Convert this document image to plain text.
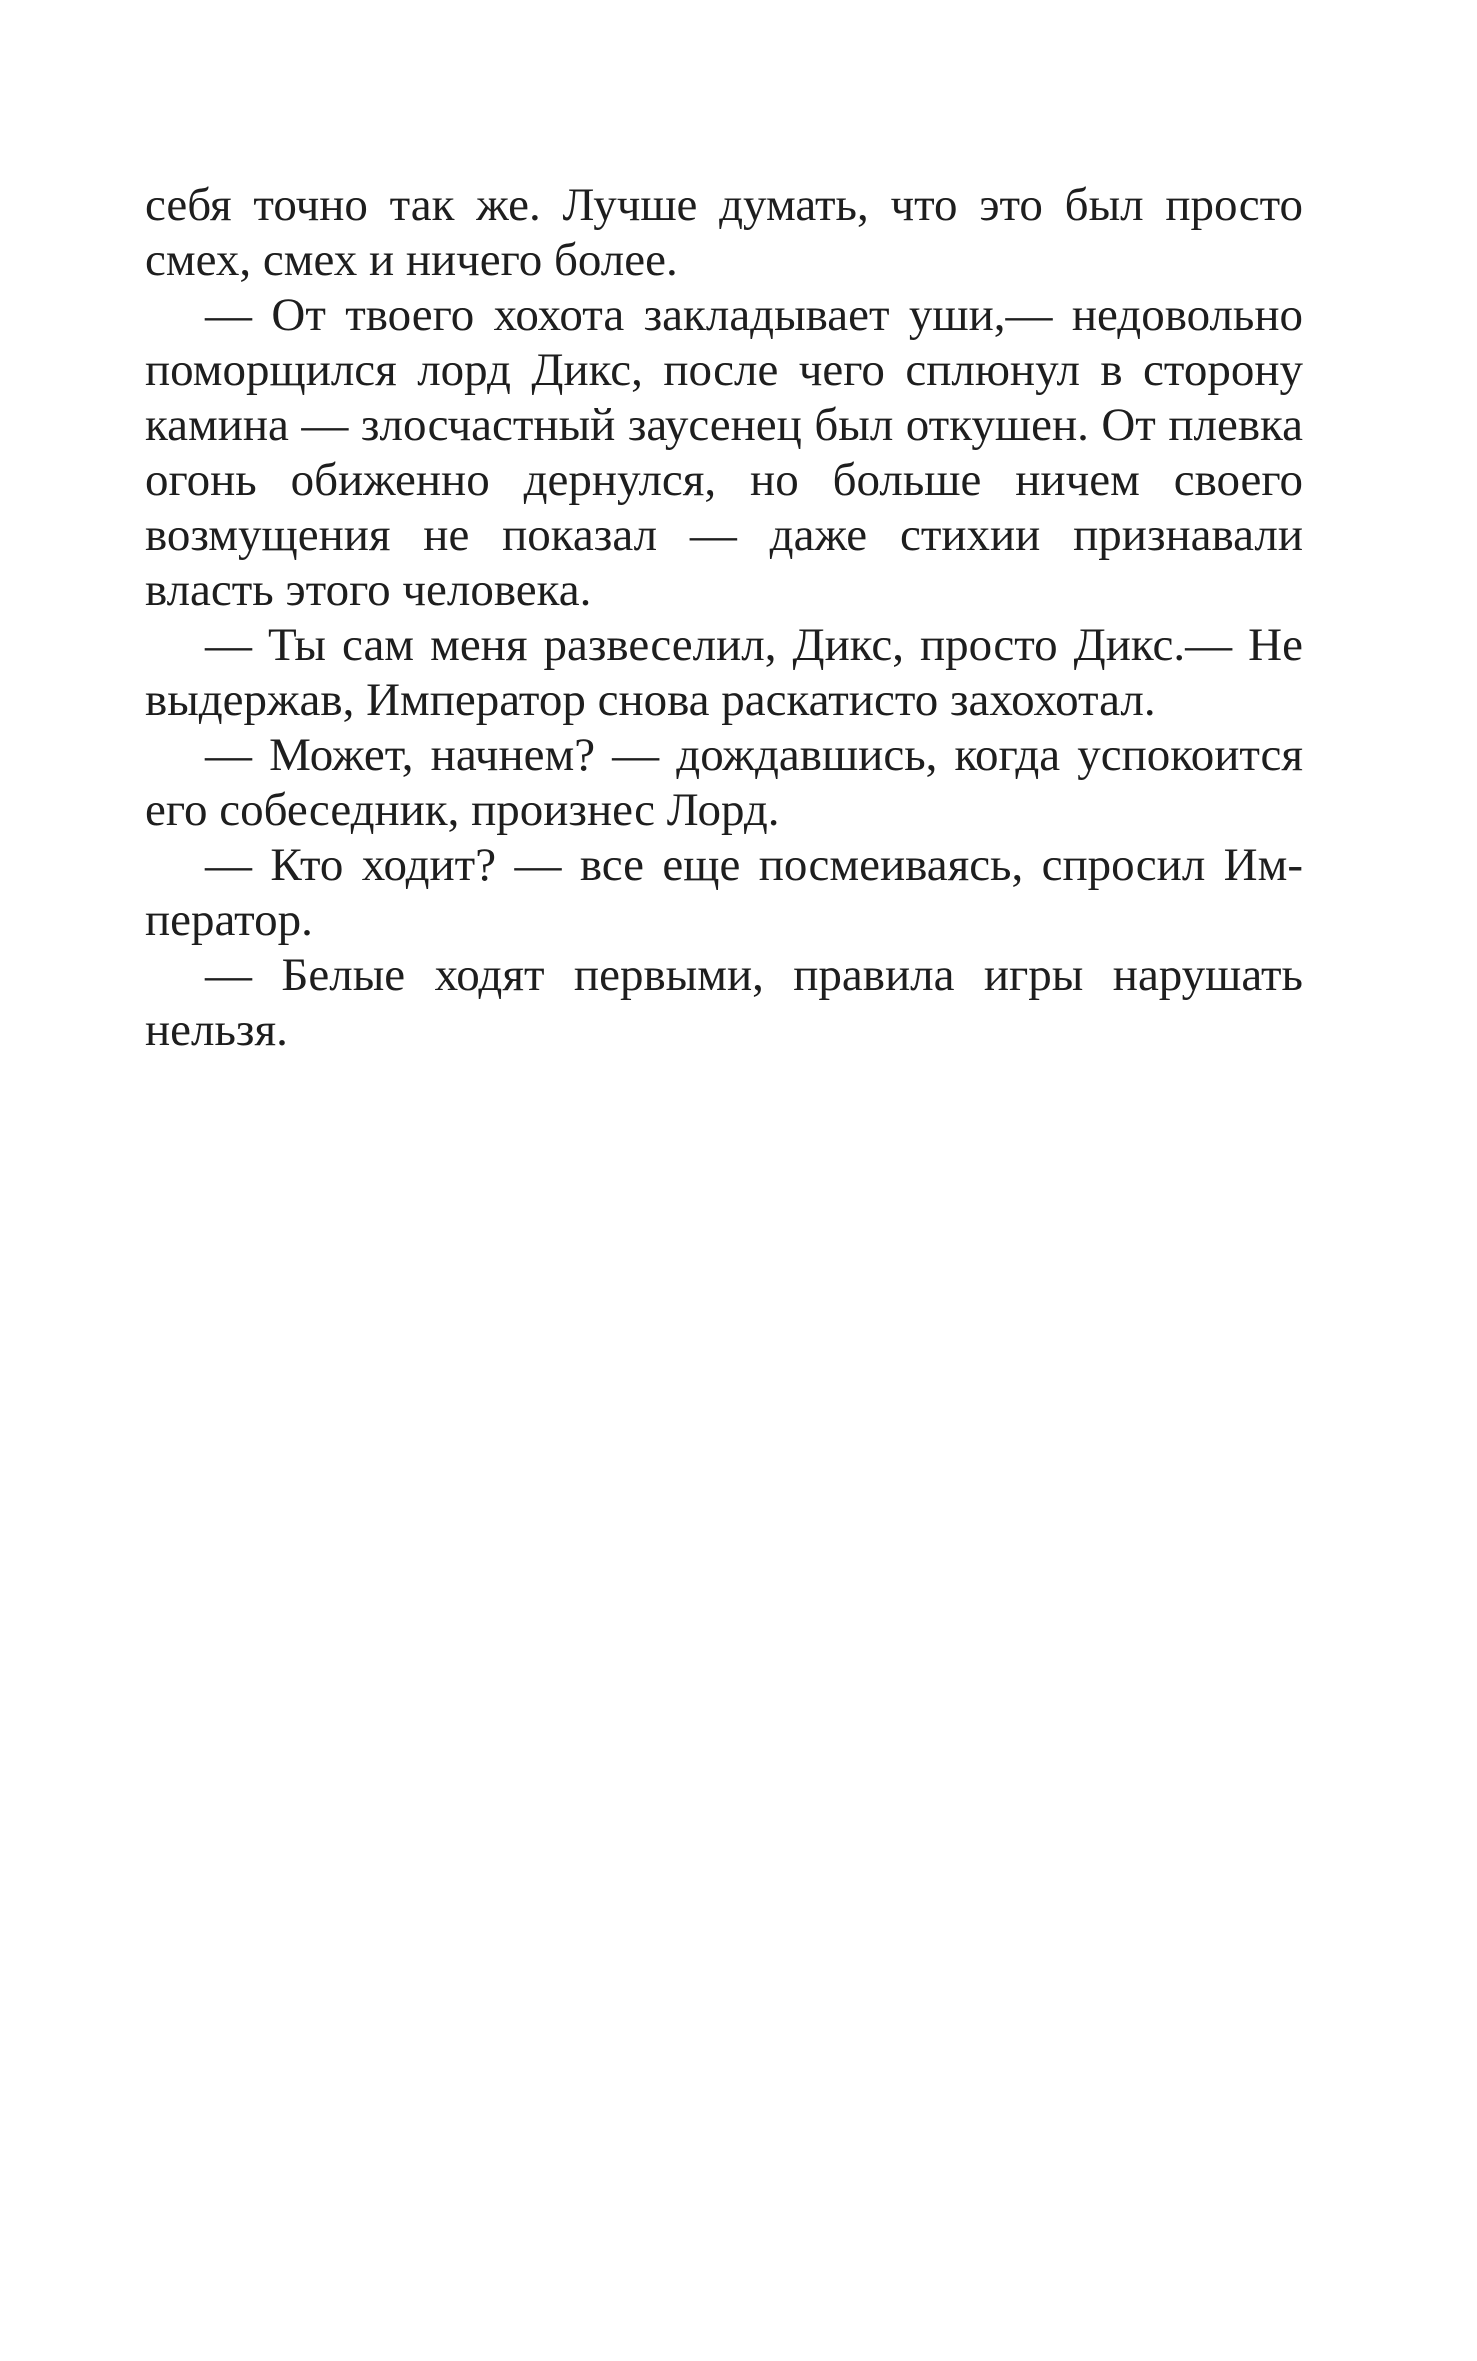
себя точно так же. Лучше думать, что это был просто смех, смех и ничего более.

— От твоего хохота закладывает уши,— недовольно поморщился лорд Дикс, после чего сплюнул в сторону камина — злосчастный заусенец был откушен. От плевка огонь обиженно дернулся, но больше ничем своего возмущения не показал — даже стихии признавали власть этого человека.

— Ты сам меня развеселил, Дикс, просто Дикс.— Не выдержав, Император снова раскатисто захохотал.

— Может, начнем? — дождавшись, когда успокоится его собеседник, произнес Лорд.

— Кто ходит? — все еще посмеиваясь, спросил Император.

— Белые ходят первыми, правила игры нарушать нельзя.
